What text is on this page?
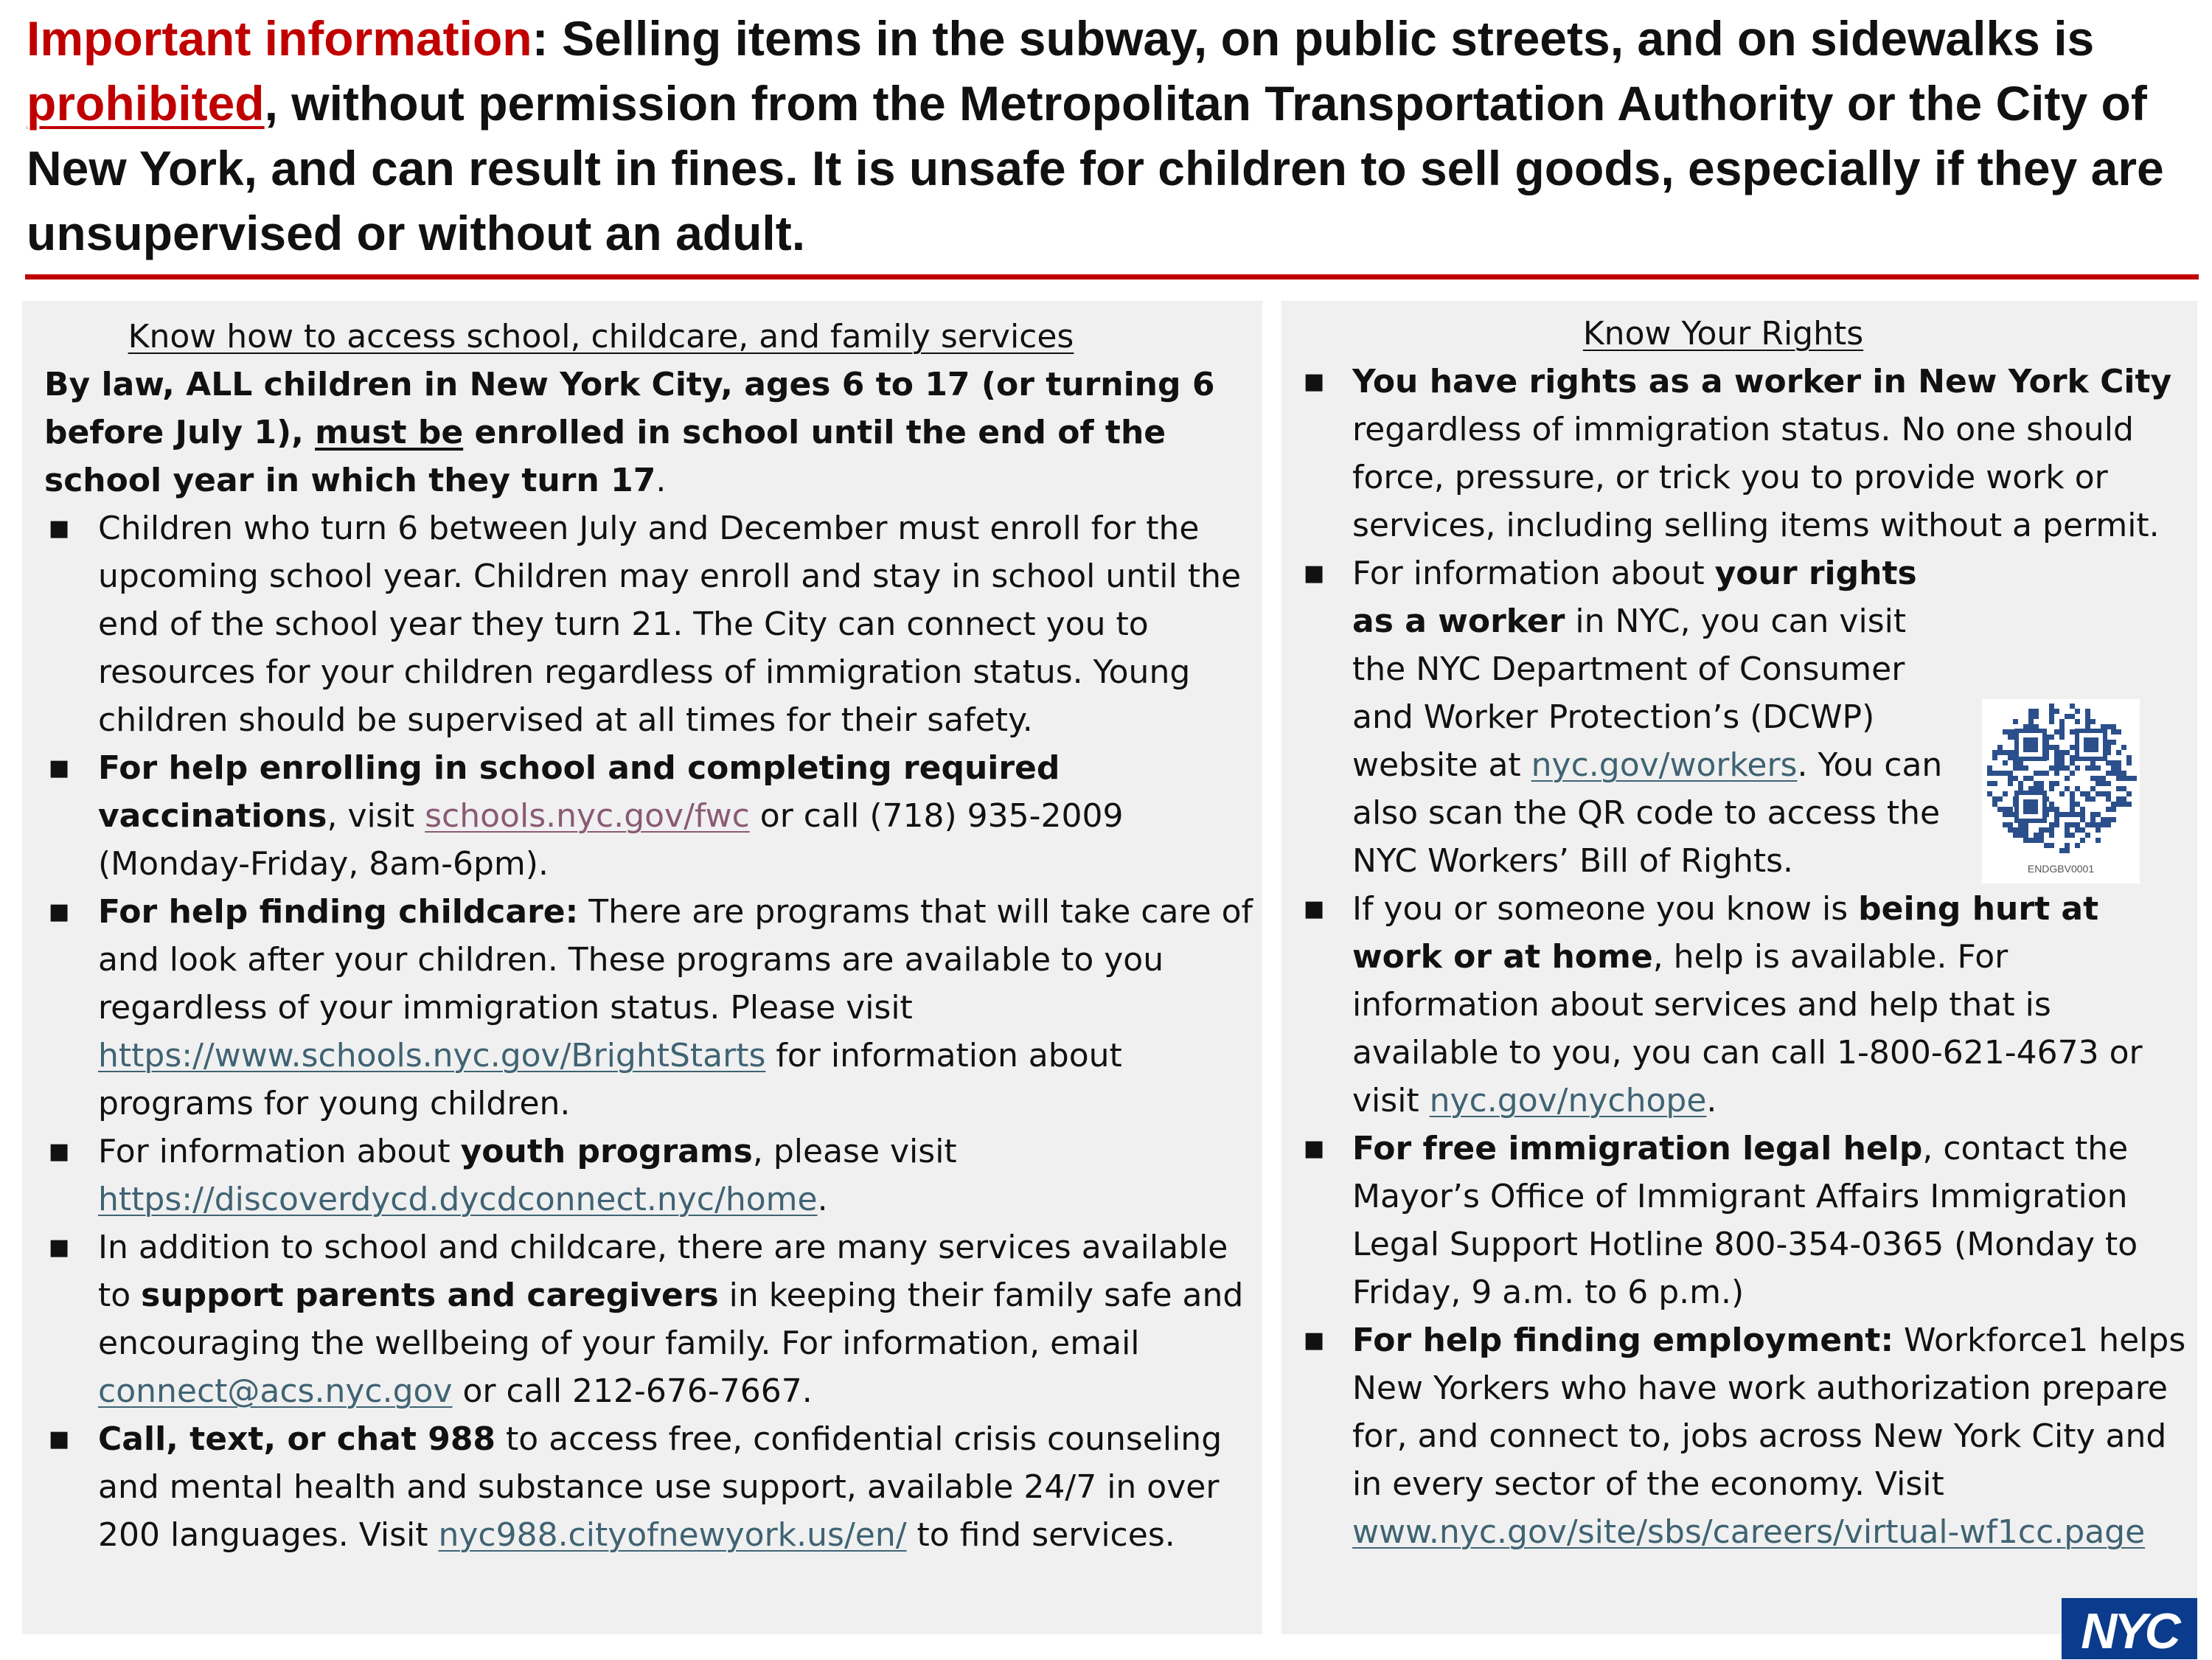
Important information: Selling items in the subway, on public streets, and on sidewalks is prohibited, without permission from the Metropolitan Transportation Authority or the City of New York, and can result in fines. It is unsafe for children to sell goods, especially if they are unsupervised or without an adult.
Know how to access school, childcare, and family services

By law, ALL children in New York City, ages 6 to 17 (or turning 6 before July 1), must be enrolled in school until the end of the school year in which they turn 17.

■ Children who turn 6 between July and December must enroll for the upcoming school year. Children may enroll and stay in school until the end of the school year they turn 21. The City can connect you to resources for your children regardless of immigration status. Young children should be supervised at all times for their safety.
■ For help enrolling in school and completing required vaccinations, visit schools.nyc.gov/fwc or call (718) 935-2009 (Monday-Friday, 8am-6pm).
■ For help finding childcare: There are programs that will take care of and look after your children. These programs are available to you regardless of your immigration status. Please visit https://www.schools.nyc.gov/BrightStarts for information about programs for young children.
■ For information about youth programs, please visit https://discoverdycd.dycdconnect.nyc/home.
■ In addition to school and childcare, there are many services available to support parents and caregivers in keeping their family safe and encouraging the wellbeing of your family. For information, email connect@acs.nyc.gov or call 212-676-7667.
■ Call, text, or chat 988 to access free, confidential crisis counseling and mental health and substance use support, available 24/7 in over 200 languages. Visit nyc988.cityofnewyork.us/en/ to find services.
Know Your Rights
■ You have rights as a worker in New York City regardless of immigration status. No one should force, pressure, or trick you to provide work or services, including selling items without a permit.
■ For information about your rights as a worker in NYC, you can visit the NYC Department of Consumer and Worker Protection’s (DCWP) website at nyc.gov/workers. You can also scan the QR code to access the NYC Workers’ Bill of Rights.
■ If you or someone you know is being hurt at work or at home, help is available. For information about services and help that is available to you, you can call 1-800-621-4673 or visit nyc.gov/nychope.
■ For free immigration legal help, contact the Mayor’s Office of Immigrant Affairs Immigration Legal Support Hotline 800-354-0365 (Monday to Friday, 9 a.m. to 6 p.m.)
■ For help finding employment: Workforce1 helps New Yorkers who have work authorization prepare for, and connect to, jobs across New York City and in every sector of the economy. Visit www.nyc.gov/site/sbs/careers/virtual-wf1cc.page
ENDGBV0001
NYC
